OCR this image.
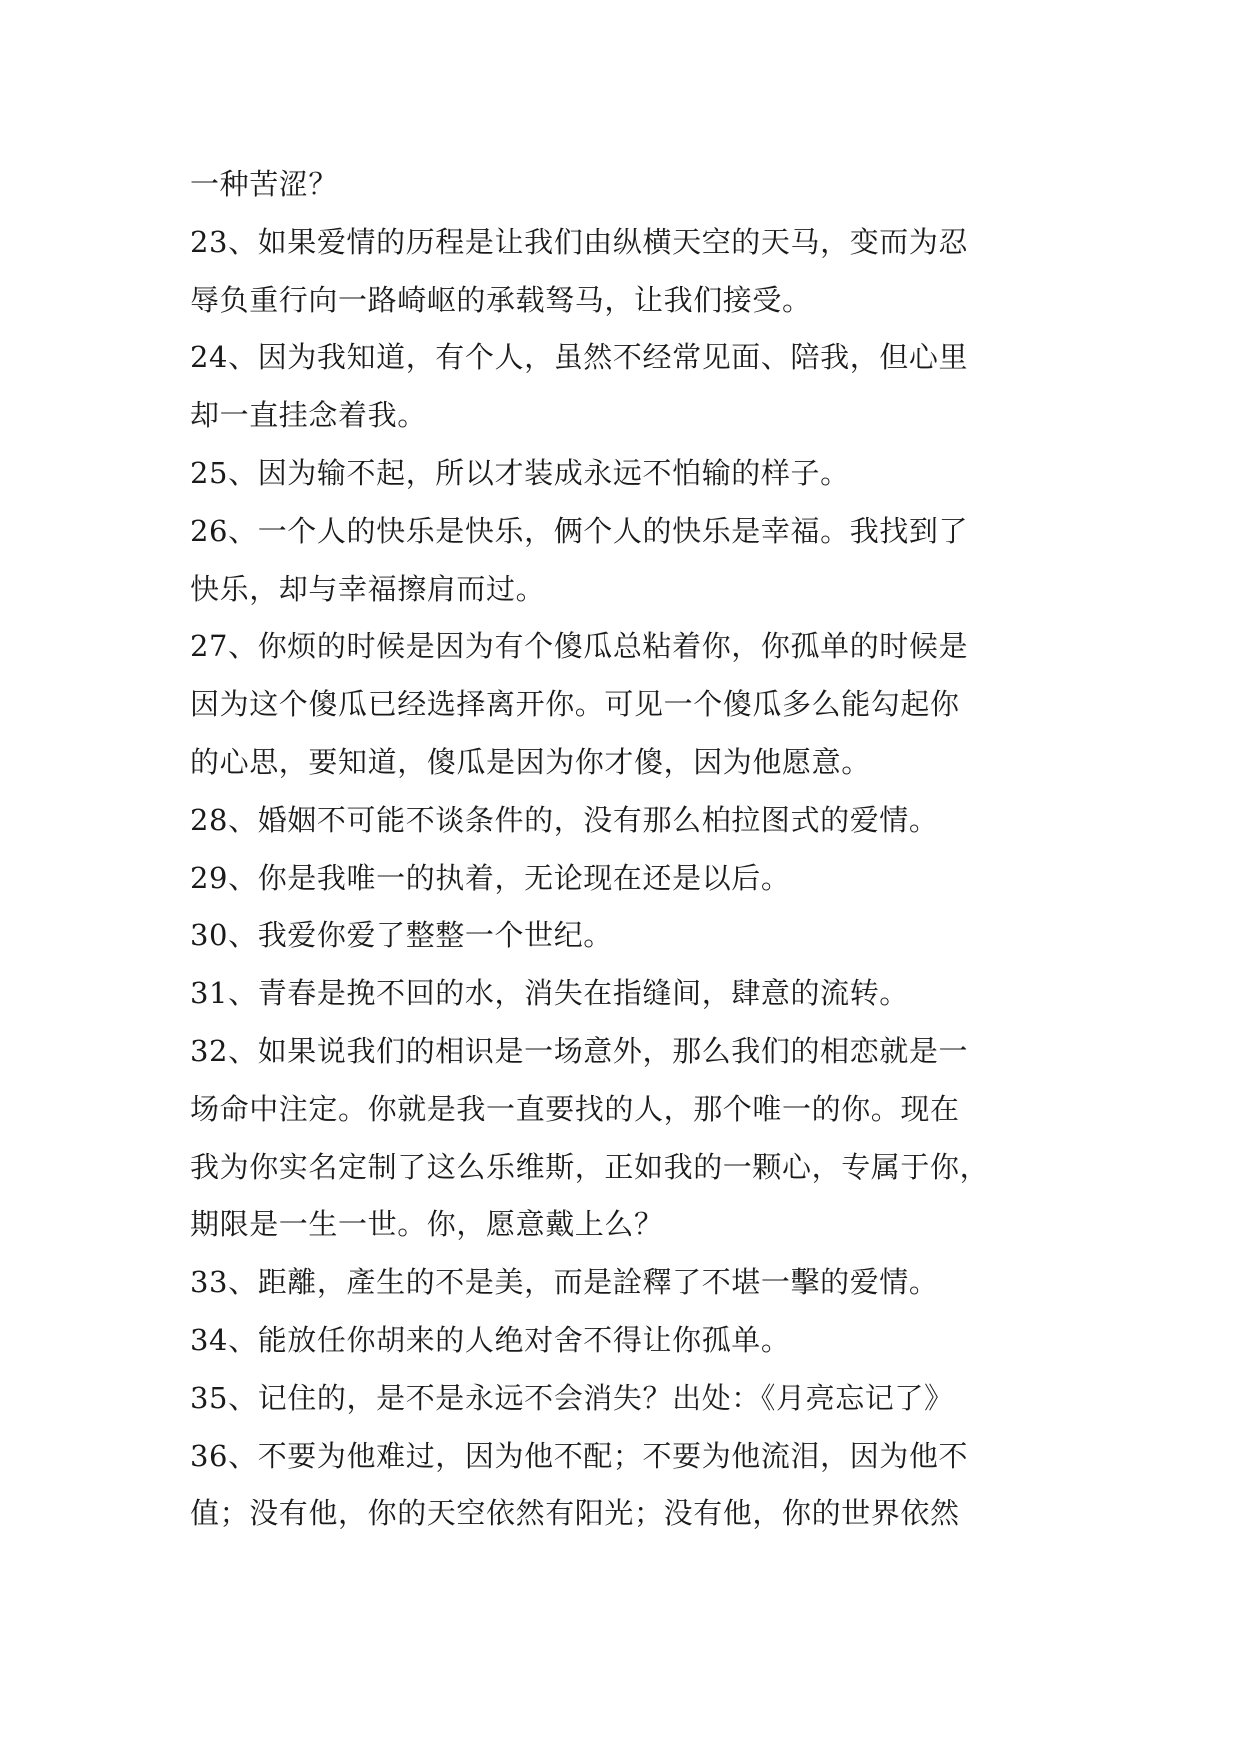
一种苦涩？
23、如果爱情的历程是让我们由纵横天空的天马，变而为忍
辱负重行向一路崎岖的承载驽马，让我们接受。
24、因为我知道，有个人，虽然不经常见面、陪我，但心里
却一直挂念着我。
25、因为输不起，所以才装成永远不怕输的样子。
26、一个人的快乐是快乐，俩个人的快乐是幸福。我找到了
快乐，却与幸福擦肩而过。
27、你烦的时候是因为有个傻瓜总粘着你，你孤单的时候是
因为这个傻瓜已经选择离开你。可见一个傻瓜多么能勾起你
的心思，要知道，傻瓜是因为你才傻，因为他愿意。
28、婚姻不可能不谈条件的，没有那么柏拉图式的爱情。
29、你是我唯一的执着，无论现在还是以后。
30、我爱你爱了整整一个世纪。
31、青春是挽不回的水，消失在指缝间，肆意的流转。
32、如果说我们的相识是一场意外，那么我们的相恋就是一
场命中注定。你就是我一直要找的人，那个唯一的你。现在
我为你实名定制了这么乐维斯，正如我的一颗心，专属于你，
期限是一生一世。你，愿意戴上么？
33、距離，產生的不是美，而是詮釋了不堪一擊的爱情。
34、能放任你胡来的人绝对舍不得让你孤单。
35、记住的，是不是永远不会消失？出处：《月亮忘记了》
36、不要为他难过，因为他不配；不要为他流泪，因为他不
值；没有他，你的天空依然有阳光；没有他，你的世界依然
